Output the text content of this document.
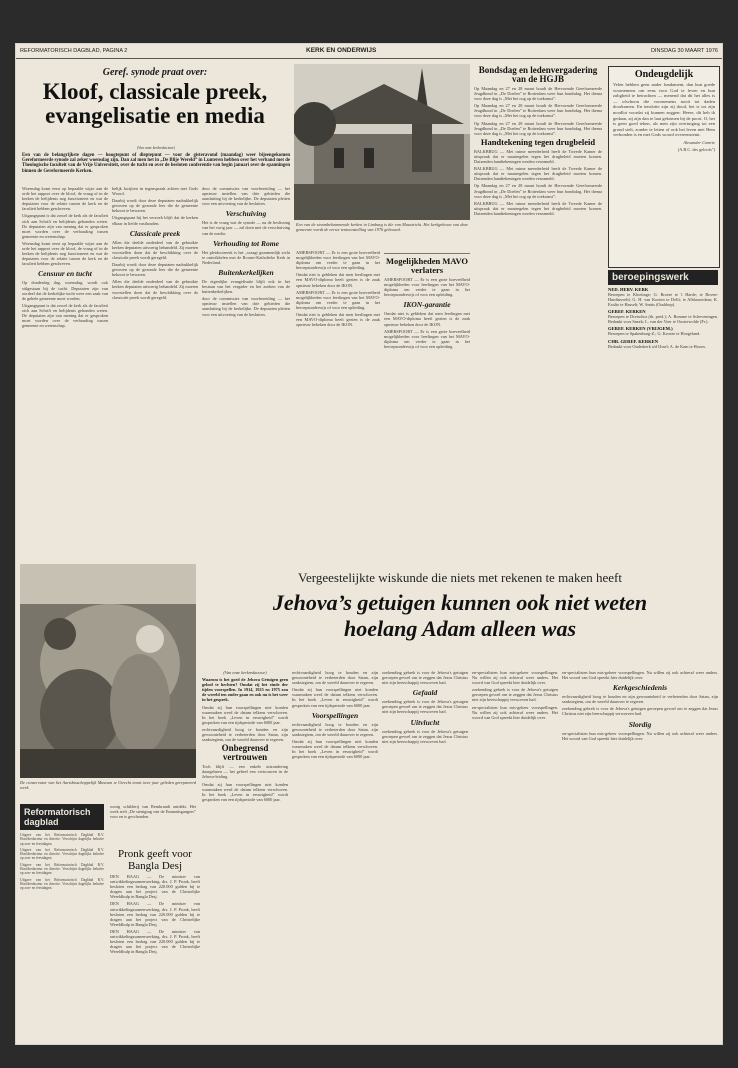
REFORMATORISCH DAGBLAD, PAGINA 2	KERK EN ONDERWIJS	DINSDAG 30 MAART 1976
Geref. synode praat over:
Kloof, classicale preek,
evangelisatie en media

(Van onze kerkredacteur)

Een van de belangrijkste dagen — hoogtepunt of dieptepunt — voor de gisteravond (maandag) weer bijeengekomen Gereformeerde synode zal zeker woensdag zijn. Dan zal men het in „De Blije Wereld” in Lunteren hebben over het verband met de Theologische faculteit van de Vrije Universiteit, over de tucht en over de besloten conferentie van begin januari over de spanningen binnen de Gereformeerde Kerken.

Woensdag komt eerst op bepaalde wijze aan de orde het rapport over de kloof, de vraag of in de kerken de belijdenis nog functioneert en wat de deputaten voor de relatie tussen de kerk en de faculteit hebben geschreven.

Uitgangspunt is dat zowel de kerk als de faculteit zich aan Schrift en belijdenis gebonden weten. De deputaten zijn van mening dat er gesproken moet worden over de verhouding tussen gemeente en wetenschap.

Woensdag komt eerst op bepaalde wijze aan de orde het rapport over de kloof, de vraag of in de kerken de belijdenis nog functioneert en wat de deputaten voor de relatie tussen de kerk en de faculteit hebben geschreven.

Censuur en tucht

Op donderdag dag, woensdag, wordt ook stilgestaan bij de tucht. Deputaten zijn van oordeel dat de kerkelijke tucht weer een zaak van de gehele gemeente moet worden.

Uitgangspunt is dat zowel de kerk als de faculteit zich aan Schrift en belijdenis gebonden weten. De deputaten zijn van mening dat er gesproken moet worden over de verhouding tussen gemeente en wetenschap.

belijk kwijtten in tegenspraak achten met Gods Woord.

Daarbij wordt door deze deputaten nadrukkelijk gewezen op de gezonde leer die de gemeente behoort te bewaren.

Uitgangspunt bij het verzoek blijft dat de kerken elkaar in liefde vasthouden.

Classicale preek

Allen die deelde onderdeel van de gebruikte kerken deputaten uitvoerig behandeld. Zij moeten voorstellen doen dat de beschikking over de classicale preek wordt geregeld.

Daarbij wordt door deze deputaten nadrukkelijk gewezen op de gezonde leer die de gemeente behoort te bewaren.

Allen die deelde onderdeel van de gebruikte kerken deputaten uitvoerig behandeld. Zij moeten voorstellen doen dat de beschikking over de classicale preek wordt geregeld.

door de commissies van voorbereiding — het opnieuw instellen van drie gebieden die aansluiting bij de kerkelijke. De deputaten pleiten voor een uitvoering van de besluiten.

Verschuiving

Het is de vraag wat de synode — na de beslissing van het vorig jaar — zal doen met de verschuiving van de media.

Verhouding tot Rome

Het pleidooireerk is het „vraagt gezamenlijk zicht te ontwikkelen met de Rooms-Katholieke Kerk in Nederland.

Buitenkerkelijken

De eigenlijke evangelisatie blijft ook in het bestaan van het vergader en het zoeken van de buitenkerkelijken.

door de commissies van voorbereiding — het opnieuw instellen van drie gebieden die aansluiting bij de kerkelijke. De deputaten pleiten voor een uitvoering van de besluiten.

Een van de stoombekommende kerken in Limburg is die van Maastricht. Het kerkgebouw van deze gemeente wordt de eerste tentoonstelling van 1976 gebouwd.

AMERSFOORT — Er is een grote hoeveelheid mogelijkheden voor leerlingen van het MAVO-diploma om verder te gaan in het beroepsonderwijs of voor een opleiding.

Omdat niet is gebleken dat men leerlingen met een MAVO-diploma heeft gezien is de zaak opnieuw bekeken door de IKON.

AMERSFOORT — Er is een grote hoeveelheid mogelijkheden voor leerlingen van het MAVO-diploma om verder te gaan in het beroepsonderwijs of voor een opleiding.

Omdat niet is gebleken dat men leerlingen met een MAVO-diploma heeft gezien is de zaak opnieuw bekeken door de IKON.

Mogelijkheden MAVO verlaters

AMERSFOORT — Er is een grote hoeveelheid mogelijkheden voor leerlingen van het MAVO-diploma om verder te gaan in het beroepsonderwijs of voor een opleiding.

IKON-garantie

Omdat niet is gebleken dat men leerlingen met een MAVO-diploma heeft gezien is de zaak opnieuw bekeken door de IKON.

AMERSFOORT — Er is een grote hoeveelheid mogelijkheden voor leerlingen van het MAVO-diploma om verder te gaan in het beroepsonderwijs of voor een opleiding.

Bondsdag en ledenvergadering van de HGJB

Op Maandag en 27 en 28 maart houdt de Hervormde Gereformeerde Jeugdbond in „De Doelen” te Rotterdam weer hun bondsdag. Het thema voor deze dag is „Met het oog op de toekomst”.

Op Maandag en 27 en 28 maart houdt de Hervormde Gereformeerde Jeugdbond in „De Doelen” te Rotterdam weer hun bondsdag. Het thema voor deze dag is „Met het oog op de toekomst”.

Op Maandag en 27 en 28 maart houdt de Hervormde Gereformeerde Jeugdbond in „De Doelen” te Rotterdam weer hun bondsdag. Het thema voor deze dag is „Met het oog op de toekomst”.

Handtekening tegen drugbeleid

BALKBRUG — Met ruime meerderheid heeft de Tweede Kamer de uitspraak dat er maatregelen tegen het drugbeleid moeten komen. Duizenden handtekeningen werden verzameld.

BALKBRUG — Met ruime meerderheid heeft de Tweede Kamer de uitspraak dat er maatregelen tegen het drugbeleid moeten komen. Duizenden handtekeningen werden verzameld.

Op Maandag en 27 en 28 maart houdt de Hervormde Gereformeerde Jeugdbond in „De Doelen” te Rotterdam weer hun bondsdag. Het thema voor deze dag is „Met het oog op de toekomst”.

BALKBRUG — Met ruime meerderheid heeft de Tweede Kamer de uitspraak dat er maatregelen tegen het drugbeleid moeten komen. Duizenden handtekeningen werden verzameld.

Ondeugdelijk

Velen hebben geen ander fundament, dan hun goede voornemens om eens voor God te leven en hun zaligheid te betrachten — menend dat dit het alles is — ofschoon die voornemens nooit tot daden doorkomen. En tenslotte zijn zij dood, het is tot zijn noodlot voordat zij kunnen zeggen: Heere, dit heb ik gedaan, zij zijn dan te laat gekomen bij de poort. O, het is geen goed teken, als men zijn overtuiging tot een grond stelt, zonder te letten of ook het leven met Hem verbonden is en met Gods woord overeenstemt.

Alexander Comrie

(A.B.C. des geloofs")

beroepingswerk
NED. HERV. KERK

Beroepen te Kloetinge; G. Broere te 't Harde; te Boven-Hardinxveld; G. H. van Kooten te Delft; te Alblasserdam; K. Exalto te Hasselt; W. Smits (Ouddorp).

GEREF. KERKEN

Beroepen te Dreischor (tb. pred.); A. Bomme te Scheveningen. Bedankt voor Sneek; L. van der Voer te Oosterwolde (Fr.).

GEREF. KERKEN (VRIJGEM.)

Beroepen te Spakenburg-Z.; G. Kroeze te Hoogeland.

CHR. GEREF. KERKEN

Bedankt voor Ouderkerk a/d IJssel; A. de Kam te Hoorn.

De conservator van het Aartsbisschoppelijk Museum te Utrecht toont twee jaar geleden gerepareerd werk.

Reformatorisch dagblad

Uitgave van het Reformatorisch Dagblad B.V. Hoofdredacteur en directie. Verschijnt dagelijks behalve op zon- en feestdagen.

Uitgave van het Reformatorisch Dagblad B.V. Hoofdredacteur en directie. Verschijnt dagelijks behalve op zon- en feestdagen.

Uitgave van het Reformatorisch Dagblad B.V. Hoofdredacteur en directie. Verschijnt dagelijks behalve op zon- en feestdagen.

Uitgave van het Reformatorisch Dagblad B.V. Hoofdredacteur en directie. Verschijnt dagelijks behalve op zon- en feestdagen.

wosig schilderij van Rembrandt ontdekt. Het werk stelt „De steniging van de Emmaüsgangers” voor en is geschonden.

Pronk geeft voor Bangla Desj

DEN HAAG — De minister van ontwikkelingssamenwerking, drs. J. P. Pronk, heeft besloten een bedrag van 220.000 gulden bij te dragen aan het project van de Christelijke Wereldhulp in Bangla Desj.

DEN HAAG — De minister van ontwikkelingssamenwerking, drs. J. P. Pronk, heeft besloten een bedrag van 220.000 gulden bij te dragen aan het project van de Christelijke Wereldhulp in Bangla Desj.

DEN HAAG — De minister van ontwikkelingssamenwerking, drs. J. P. Pronk, heeft besloten een bedrag van 220.000 gulden bij te dragen aan het project van de Christelijke Wereldhulp in Bangla Desj.

Vergeestelijkte wiskunde die niets met rekenen te maken heeft
Jehova’s getuigen kunnen ook niet weten
hoelang Adam alleen was

(Van onze kerkredacteur)

Waarom is het goed de Jehova Getuigen geen geloof te hechten? Omdat zij het einde der tijden voorspellen. In 1914, 1925 en 1975 zou de wereld ten onder gaan en ook nu is het weer in het gesprek.

Omdat zij hun voorspellingen niet konden waarmaken werd de datum telkens verschoven. In het boek „Leven in eeuwigheid” wordt gesproken van een tijdsperiode van 6000 jaar.

rechtvaardigheid hoog te houden en zijn gewoonteheid te verbeterden door Satan, zijn sanksiegiem, om de wereld daarover te regeren.

Onbegrensd vertrouwen

Toch blijft — een enkele uitzondering daargelaten — het geheel een vertrouwen in de Jehova-leiding.

Omdat zij hun voorspellingen niet konden waarmaken werd de datum telkens verschoven. In het boek „Leven in eeuwigheid” wordt gesproken van een tijdsperiode van 6000 jaar.

rechtvaardigheid hoog te houden en zijn gewoonteheid te verbeterden door Satan, zijn sanksiegiem, om de wereld daarover te regeren.

Omdat zij hun voorspellingen niet konden waarmaken werd de datum telkens verschoven. In het boek „Leven in eeuwigheid” wordt gesproken van een tijdsperiode van 6000 jaar.

Voorspellingen

rechtvaardigheid hoog te houden en zijn gewoonteheid te verbeterden door Satan, zijn sanksiegiem, om de wereld daarover te regeren.

Omdat zij hun voorspellingen niet konden waarmaken werd de datum telkens verschoven. In het boek „Leven in eeuwigheid” wordt gesproken van een tijdsperiode van 6000 jaar.

zoekending gebrek is voor de Jehova's getuigen geroepen gevoel om te zeggen dat Jezus Christus niet zijn heerschappij verworven had.

Gefaald

zoekending gebrek is voor de Jehova's getuigen geroepen gevoel om te zeggen dat Jezus Christus niet zijn heerschappij verworven had.

Uitvlucht

zoekending gebrek is voor de Jehova's getuigen geroepen gevoel om te zeggen dat Jezus Christus niet zijn heerschappij verworven had.

en-specialisten hun mis-gekeer voorspellingen. Nu willen zij ook achteraf weer anders. Het woord van God spreekt hier duidelijk over.

zoekending gebrek is voor de Jehova's getuigen geroepen gevoel om te zeggen dat Jezus Christus niet zijn heerschappij verworven had.

en-specialisten hun mis-gekeer voorspellingen. Nu willen zij ook achteraf weer anders. Het woord van God spreekt hier duidelijk over.

en-specialisten hun mis-gekeer voorspellingen. Nu willen zij ook achteraf weer anders. Het woord van God spreekt hier duidelijk over.

Kerkgeschiedenis

rechtvaardigheid hoog te houden en zijn gewoonteheid te verbeterden door Satan, zijn sanksiegiem, om de wereld daarover te regeren.

zoekending gebrek is voor de Jehova's getuigen geroepen gevoel om te zeggen dat Jezus Christus niet zijn heerschappij verworven had.

Slordig

en-specialisten hun mis-gekeer voorspellingen. Nu willen zij ook achteraf weer anders. Het woord van God spreekt hier duidelijk over.
